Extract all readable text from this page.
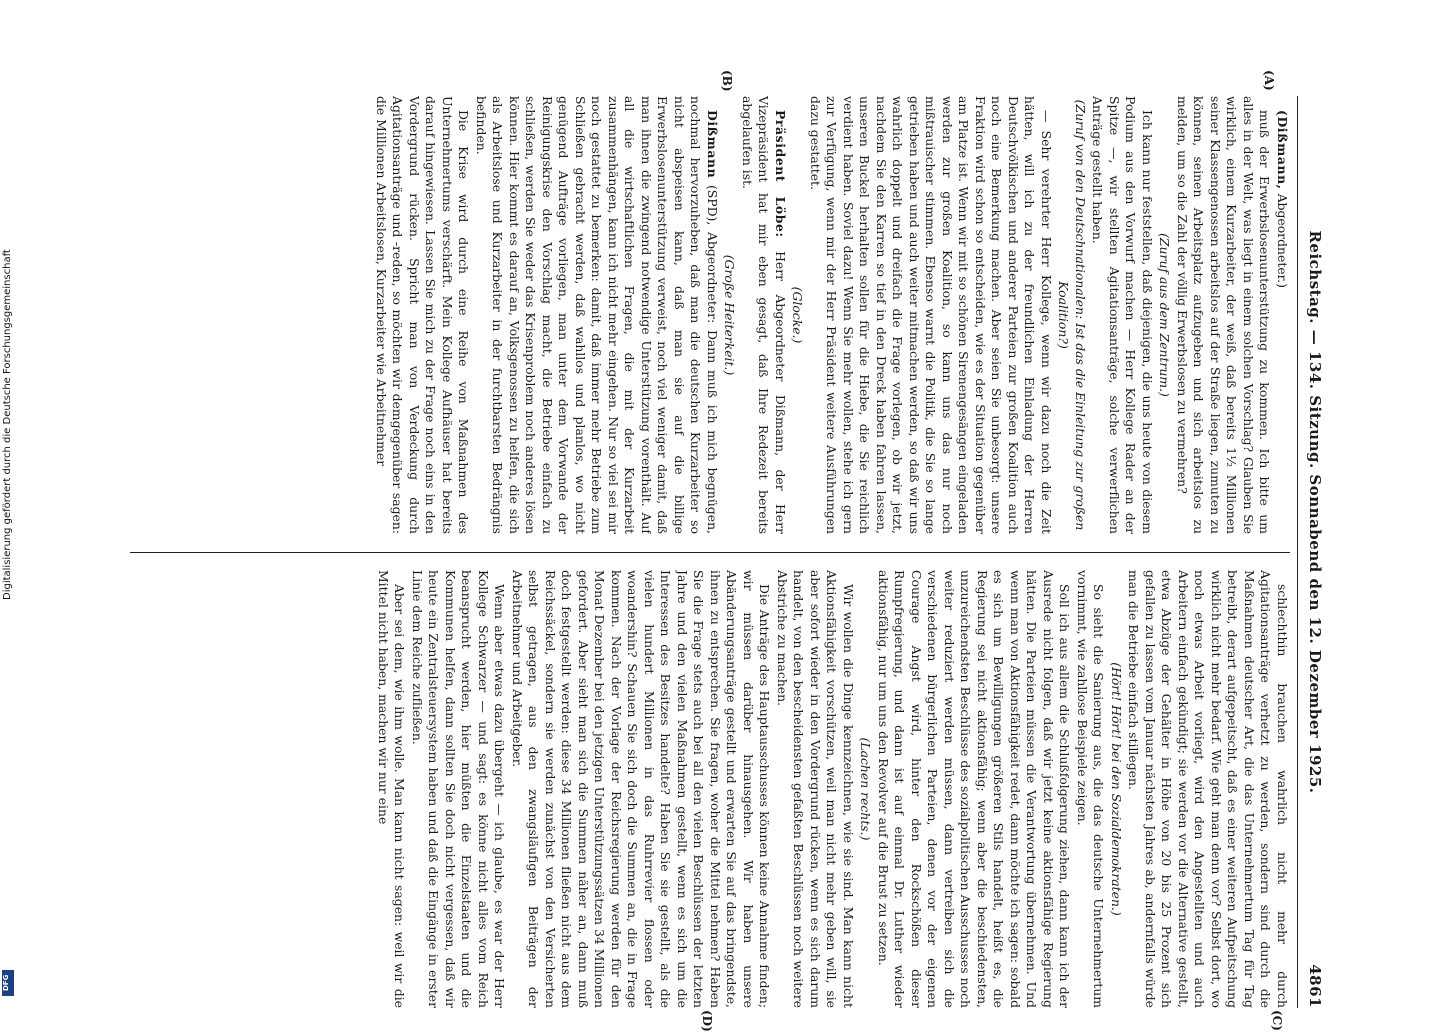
Reichstag. — 134. Sitzung. Sonnabend den 12. Dezember 1925.
4861

(Dißmann, Abgeordneter.)

muß der Erwerbslosenunterstützung zu kommen. Ich bitte um alles in der Welt, was liegt in einem solchen Vorschlag? Glauben Sie wirklich, einem Kurzarbeiter, der weiß, daß bereits 1½ Millionen seiner Klassengenossen arbeitslos auf der Straße liegen, zumuten zu können, seinen Arbeitsplatz aufzugeben und sich arbeitslos zu melden, um so die Zahl der völlig Erwerbslosen zu vermehren?

(Zuruf aus dem Zentrum.)

Ich kann nur feststellen, daß diejenigen, die uns heute von diesem Podium aus den Vorwurf machen — Herr Kollege Rader an der Spitze —, wir stellten Agitationsanträge, solche verwerflichen Anträge gestellt haben.

(Zuruf von den Deutschnationalen: Ist das die Einleitung zur großen Koalition?)

— Sehr verehrter Herr Kollege, wenn wir dazu noch die Zeit hätten, will ich zu der freundlichen Einladung der Herren Deutschvölkischen und anderer Parteien zur großen Koalition auch noch eine Bemerkung machen. Aber seien Sie unbesorgt: unsere Fraktion wird schon so entscheiden, wie es der Situation gegenüber am Platze ist. Wenn wir mit so schönen Sirenengesängen eingeladen werden zur großen Koalition, so kann uns das nur noch mißtrauischer stimmen. Ebenso warnt die Politik, die Sie so lange getrieben haben und auch weiter mitmachen werden, so daß wir uns wahrlich doppelt und dreifach die Frage vorlegen, ob wir jetzt, nachdem Sie den Karren so tief in den Dreck haben fahren lassen, unseren Buckel herhalten sollen für die Hiebe, die Sie reichlich verdient haben. Soviel dazu! Wenn Sie mehr wollen, stehe ich gern zur Verfügung, wenn mir der Herr Präsident weitere Ausführungen dazu gestattet.

(Glocke.)

Präsident Löbe: Herr Abgeordneter Dißmann, der Herr Vizepräsident hat mir eben gesagt, daß Ihre Redezeit bereits abgelaufen ist.

(Große Heiterkeit.)

Dißmann (SPD), Abgeordneter: Dann muß ich mich begnügen, nochmal hervorzuheben, daß man die deutschen Kurzarbeiter so nicht abspeisen kann, daß man sie auf die billige Erwerbslosenunterstützung verweist, noch viel weniger damit, daß man ihnen die zwingend notwendige Unterstützung vorenthält. Auf all die wirtschaftlichen Fragen, die mit der Kurzarbeit zusammenhängen, kann ich nicht mehr eingehen. Nur so viel sei mir noch gestattet zu bemerken: damit, daß immer mehr Betriebe zum Schließen gebracht werden, daß wahllos und planlos, wo nicht genügend Aufträge vorliegen, man unter dem Vorwande der Reinigungskrise den Vorschlag macht, die Betriebe einfach zu schließen, werden Sie weder das Krisenproblem noch anderes lösen können. Hier kommt es darauf an, Volksgenossen zu helfen, die sich als Arbeitslose und Kurzarbeiter in der furchtbarsten Bedrängnis befinden.

Die Krise wird durch eine Reihe von Maßnahmen des Unternehmertums verschärft. Mein Kollege Aufhäuser hat bereits darauf hingewiesen. Lassen Sie mich zu der Frage noch eins in den Vordergrund rücken. Spricht man von Verdeckung durch Agitationsanträge und -reden, so möchten wir demgegenüber sagen: die Millionen Arbeitslosen, Kurzarbeiter wie Arbeitnehmer

schlechthin brauchen wahrlich nicht mehr durch Agitationsanträge verhetzt zu werden, sondern sind durch die Maßnahmen deutscher Art, die das Unternehmertum Tag für Tag betreibt, derart aufgepeitscht, daß es einer weiteren Aufpeitschung wirklich nicht mehr bedarf. Wie geht man denn vor? Selbst dort, wo noch etwas Arbeit vorliegt, wird den Angestellten und auch Arbeitern einfach gekündigt; sie werden vor die Alternative gestellt, etwa Abzüge der Gehälter in Höhe von 20 bis 25 Prozent sich gefallen zu lassen vom Januar nächsten Jahres ab, andernfalls würde man die Betriebe einfach stillegen.

(Hört! Hört! bei den Sozialdemokraten.)

So sieht die Sanierung aus, die das deutsche Unternehmertum vornimmt, wie zahllose Beispiele zeigen.

Soll ich aus allem die Schlußfolgerung ziehen, dann kann ich der Ausrede nicht folgen, daß wir jetzt keine aktionsfähige Regierung hätten. Die Parteien müssen die Verantwortung übernehmen. Und wenn man von Aktionsfähigkeit redet, dann möchte ich sagen: sobald es sich um Bewilligungen größeren Stils handelt, heißt es, die Regierung sei nicht aktionsfähig; wenn aber die beschiedensten, unzureichendsten Beschlüsse des sozialpolitischen Ausschusses noch weiter reduziert werden müssen, dann vertreiben sich die verschiedenen bürgerlichen Parteien, denen vor der eigenen Courage Angst wird, hinter den Rockschößen dieser Rumpfregierung, und dann ist auf einmal Dr. Luther wieder aktionsfähig, nur um uns den Revolver auf die Brust zu setzen.

(Lachen rechts.)

Wir wollen die Dinge kennzeichnen, wie sie sind. Man kann nicht Aktionsfähigkeit vorschützen, weil man nicht mehr geben will, sie aber sofort wieder in den Vordergrund rücken, wenn es sich darum handelt, von den bescheidensten gefaßten Beschlüssen noch weitere Abstriche zu machen.

Die Anträge des Hauptausschusses können keine Annahme finden; wir müssen darüber hinausgehen. Wir haben unsere Abänderungsanträge gestellt und erwarten Sie auf das bringendste, ihnen zu entsprechen. Sie fragen, woher die Mittel nehmen? Haben Sie die Frage stets auch bei all den vielen Beschlüssen der letzten Jahre und den vielen Maßnahmen gestellt, wenn es sich um die Interessen des Besitzes handelte? Haben Sie sie gestellt, als die vielen hundert Millionen in das Ruhrrevier flossen oder woandershin? Schauen Sie sich doch die Summen an, die in Frage kommen. Nach der Vorlage der Reichsregierung werden für den Monat Dezember bei den jetzigen Unterstützungssätzen 34 Millionen gefordert. Aber sieht man sich die Summen näher an, dann muß doch festgestellt werden: diese 34 Millionen fließen nicht aus dem Reichssäckel, sondern sie werden zunächst von den Versicherten selbst getragen, aus den zwangsläufigen Beiträgen der Arbeitnehmer und Arbeitgeber.

Wenn aber etwas dazu übergeht — ich glaube, es war der Herr Kollege Schwarzer — und sagt: es könne nicht alles vom Reich beansprucht werden, hier müßten die Einzelstaaten und die Kommunen helfen, dann sollten Sie doch nicht vergessen, daß wir heute ein Zentralsteuersystem haben und daß die Eingänge in erster Linie dem Reiche zufließen.

Aber sei dem, wie ihm wolle. Man kann nicht sagen: weil wir die Mittel nicht haben, machen wir nur eine

(A)
(B)
(C)
(D)
Digitalisierung gefördert durch die Deutsche Forschungsgemeinschaft
DFG
